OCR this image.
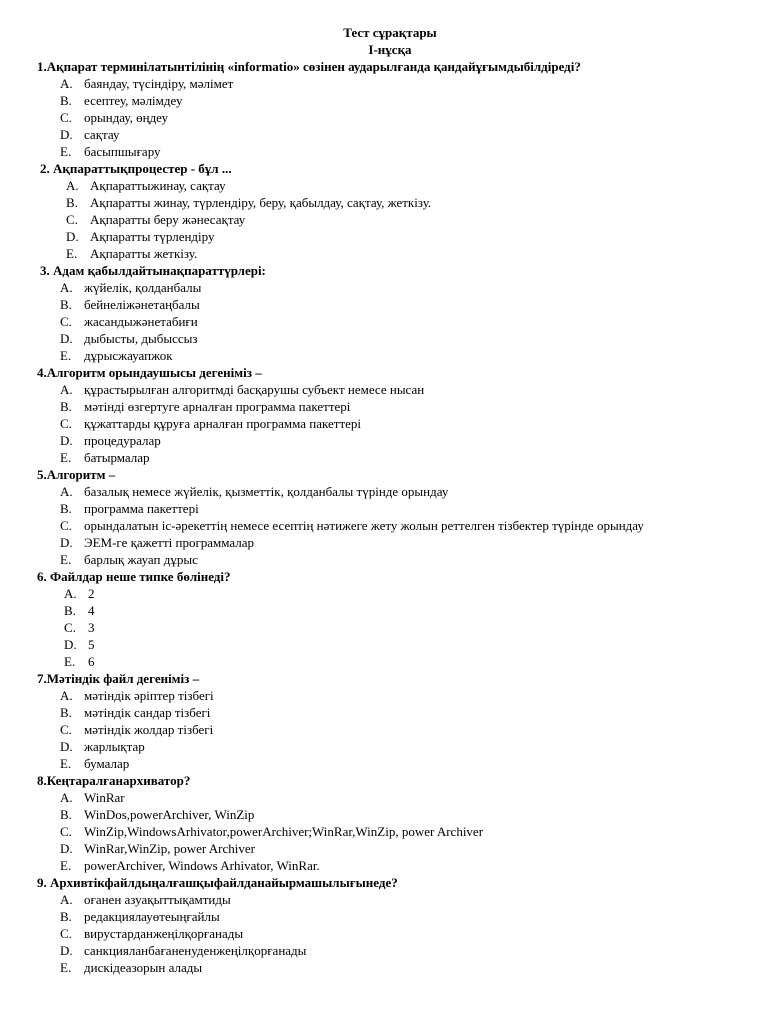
Тест сұрақтары
І-нұсқа
1.Ақпарат терминілатынтілінің «informatio» сөзінен аударылғанда қандайұғымдыбілдіреді?
A. баяндау, түсіндіру, мәлімет
B. есептеу, мәлімдеу
C. орындау, өңдеу
D. сақтау
E. басыпшығару
2. Ақпараттықпроцестер - бұл ...
A. Ақпараттыжинау, сақтау
B. Ақпаратты жинау, түрлендіру, беру, қабылдау, сақтау, жеткізу.
C. Ақпаратты беру жәнесақтау
D. Ақпаратты түрлендіру
E. Ақпаратты жеткізу.
3. Адам қабылдайтынақпараттүрлері:
A. жүйелік, қолданбалы
B. бейнеліжәнетаңбалы
C. жасандыжәнетабиғи
D. дыбысты, дыбыссыз
E. дұрысжауапжок
4.Алгоритм орындаушысы дегеніміз –
A. құрастырылған алгоритмді басқарушы субъект немесе нысан
B. мәтінді өзгертуге арналған программа пакеттері
C. құжаттарды құруға арналған программа пакеттері
D. процедуралар
E. батырмалар
5.Алгоритм –
A. базалық немесе жүйелік, қызметтік, қолданбалы түрінде орындау
B. программа пакеттері
C. орындалатын іс-әрекеттің немесе есептің нәтижеге жету жолын реттелген тізбектер түрінде орындау
D. ЭЕМ-ге қажетті программалар
E. барлық жауап дұрыс
6. Файлдар неше типке бөлінеді?
A. 2
B. 4
C. 3
D. 5
E. 6
7.Мәтіндік файл дегеніміз –
A. мәтіндік әріптер тізбегі
B. мәтіндік сандар тізбегі
C. мәтіндік жолдар тізбегі
D. жарлықтар
E. бумалар
8.Кеңтаралғанархиватор?
A. WinRar
B. WinDos,powerArchiver, WinZip
C. WinZip,WindowsArhivator,powerArchiver;WinRar,WinZip, power Archiver
D. WinRar,WinZip, power Archiver
E. powerArchiver, Windows Arhivator, WinRar.
9. Архивтікфайлдыңалғашқыфайлданайырмашылығынеде?
A. оғанен азуақыттықамтиды
B. редакциялауөтеыңғайлы
C. вирустарданжеңілқорғанады
D. санкцияланбағаненуденжеңілқорғанады
E. дискідеазорын алады
